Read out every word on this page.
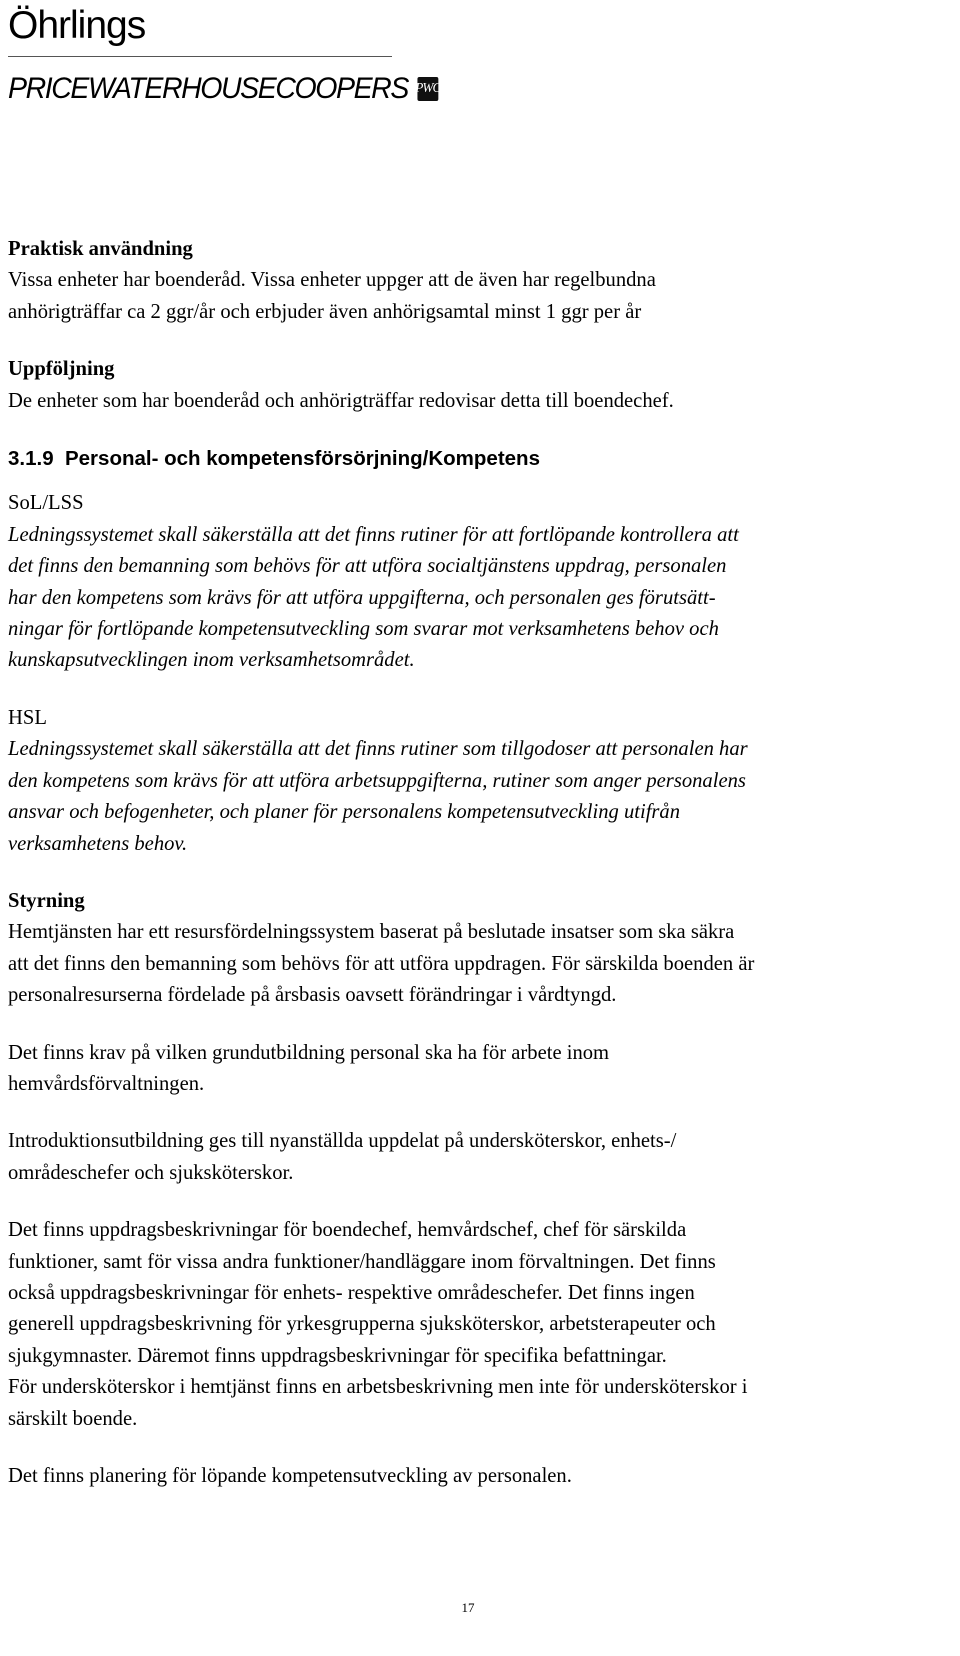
Öhrlings
PRICEWATERHOUSECOOPERS PWC

Praktisk användning

Vissa enheter har boendеråd. Vissa enheter uppger att de även har regelbundna

anhörigträffar ca 2 ggr/år och erbjuder även anhörigsamtal minst 1 ggr per år

Uppföljning

De enheter som har boendеråd och anhörigträffar redovisar detta till boendechef.

3.1.9  Personal- och kompetensförsörjning/Kompetens

SoL/LSS

Ledningssystemet skall säkerställa att det finns rutiner för att fortlöpande kontrollera att

det finns den bemanning som behövs för att utföra socialtjänstens uppdrag, personalen

har den kompetens som krävs för att utföra uppgifterna, och personalen ges förutsätt-

ningar för fortlöpande kompetensutveckling som svarar mot verksamhetens behov och

kunskapsutvecklingen inom verksamhetsområdet.

HSL

Ledningssystemet skall säkerställa att det finns rutiner som tillgodoser att personalen har

den kompetens som krävs för att utföra arbetsuppgifterna, rutiner som anger personalens

ansvar och befogenheter, och planer för personalens kompetensutveckling utifrån

verksamhetens behov.

Styrning

Hemtjänsten har ett resursfördelningssystem baserat på beslutade insatser som ska säkra

att det finns den bemanning som behövs för att utföra uppdragen. För särskilda boenden är

personalresurserna fördelade på årsbasis oavsett förändringar i vårdtyngd.

Det finns krav på vilken grundutbildning personal ska ha för arbete inom

hemvårdsförvaltningen.

Introduktionsutbildning ges till nyanställda uppdelat på undersköterskor, enhets-/

områdeschefer och sjuksköterskor.

Det finns uppdragsbeskrivningar för boendechef, hemvårdschef, chef för särskilda

funktioner, samt för vissa andra funktioner/handläggare inom förvaltningen. Det finns

också uppdragsbeskrivningar för enhets- respektive områdeschefer. Det finns ingen

generell uppdragsbeskrivning för yrkesgrupperna sjuksköterskor, arbetsterapeuter och

sjukgymnaster. Däremot finns uppdragsbeskrivningar för specifika befattningar.

För undersköterskor i hemtjänst finns en arbetsbeskrivning men inte för undersköterskor i

särskilt boende.

Det finns planering för löpande kompetensutveckling av personalen.

17
